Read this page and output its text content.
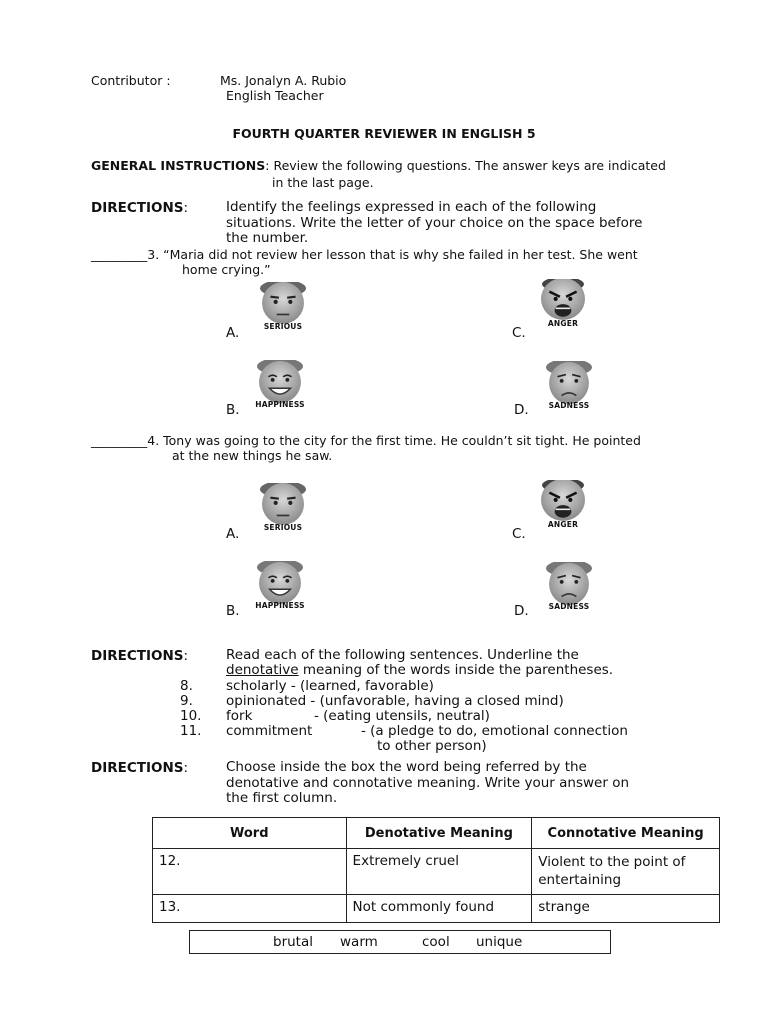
Contributor :	Ms. Jonalyn A. Rubio
English Teacher
FOURTH QUARTER REVIEWER IN ENGLISH 5
GENERAL INSTRUCTIONS: Review the following questions. The answer keys are indicated
in the last page.
DIRECTIONS:	Identify the feelings expressed in each of the following
situations. Write the letter of your choice on the space before
the number.
_________3. “Maria did not review her lesson that is why she failed in her test. She went
home crying.”
A.	SERIOUS	C.
ANGER
B.	HAPPINESS	D.	SADNESS
_________4. Tony was going to the city for the first time. He couldn’t sit tight. He pointed
at the new things he saw.
A.	SERIOUS	C.
ANGER
B.	HAPPINESS	D.	SADNESS
DIRECTIONS:	Read each of the following sentences. Underline the
denotative meaning of the words inside the parentheses.
8. scholarly - (learned, favorable)
9. opinionated - (unfavorable, having a closed mind)
10. fork	- (eating utensils, neutral)
11. commitment	- (a pledge to do, emotional connection
to other person)
DIRECTIONS:	Choose inside the box the word being referred by the
denotative and connotative meaning. Write your answer on
the first column.
Word	Denotative Meaning	Connotative Meaning
12.	Extremely cruel	Violent to the point of entertaining
13.	Not commonly found	strange
brutal warm	cool unique
